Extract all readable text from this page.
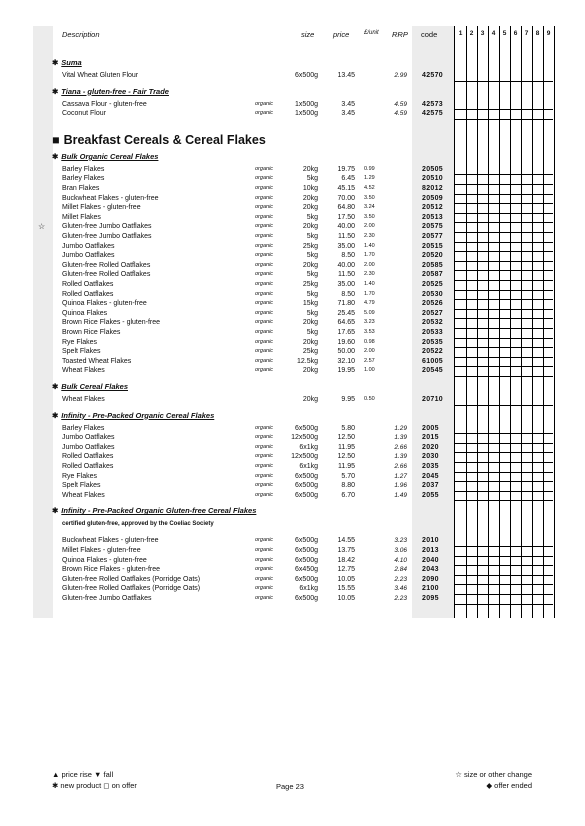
1	2	3	4	5	6	7	8	9
Description	size price £/unit RRP code
✱ Suma
Vital Wheat Gluten Flour	6x500g	13.45	2.99 42570
✱ Tiana - gluten-free - Fair Trade
Cassava Flour - gluten-free	organic	1x500g	3.45	4.59 42573
Coconut Flour	organic	1x500g	3.45	4.59 42575
■ Breakfast Cereals & Cereal Flakes
✱ Bulk Organic Cereal Flakes
Barley Flakes	organic	20kg	19.75 0.99	20505
Barley Flakes	organic	5kg	6.45 1.29	20510
Bran Flakes	organic	10kg	45.15 4.52	82012
Buckwheat Flakes - gluten-free	organic	20kg	70.00 3.50	20509
Millet Flakes - gluten-free	organic	20kg	64.80 3.24	20512
Millet Flakes	organic	5kg	17.50 3.50	20513
☆ Gluten-free Jumbo Oatflakes	organic	20kg	40.00 2.00	20575
Gluten-free Jumbo Oatflakes	organic	5kg	11.50 2.30	20577
Jumbo Oatflakes	organic	25kg	35.00 1.40	20515
Jumbo Oatflakes	organic	5kg	8.50 1.70	20520
Gluten-free Rolled Oatflakes	organic	20kg	40.00 2.00	20585
Gluten-free Rolled Oatflakes	organic	5kg	11.50 2.30	20587
Rolled Oatflakes	organic	25kg	35.00 1.40	20525
Rolled Oatflakes	organic	5kg	8.50 1.70	20530
Quinoa Flakes - gluten-free	organic	15kg	71.80 4.79	20526
Quinoa Flakes	organic	5kg	25.45 5.09	20527
Brown Rice Flakes - gluten-free	organic	20kg	64.65 3.23	20532
Brown Rice Flakes	organic	5kg	17.65 3.53	20533
Rye Flakes	organic	20kg	19.60 0.98	20535
Spelt Flakes	organic	25kg	50.00 2.00	20522
Toasted Wheat Flakes	organic	12.5kg	32.10 2.57	61005
Wheat Flakes	organic	20kg	19.95 1.00	20545
✱ Bulk Cereal Flakes
Wheat Flakes	20kg	9.95 0.50	20710
✱ Infinity - Pre-Packed Organic Cereal Flakes
Barley Flakes	organic	6x500g	5.80	1.29 2005
Jumbo Oatflakes	organic	12x500g	12.50	1.39 2015
Jumbo Oatflakes	organic	6x1kg	11.95	2.66 2020
Rolled Oatflakes	organic	12x500g	12.50	1.39 2030
Rolled Oatflakes	organic	6x1kg	11.95	2.66 2035
Rye Flakes	organic	6x500g	5.70	1.27 2045
Spelt Flakes	organic	6x500g	8.80	1.96 2037
Wheat Flakes	organic	6x500g	6.70	1.49 2055
✱ Infinity - Pre-Packed Organic Gluten-free Cereal Flakes
certified gluten-free, approved by the Coeliac Society
Buckwheat Flakes - gluten-free	organic	6x500g	14.55	3.23 2010
Millet Flakes - gluten-free	organic	6x500g	13.75	3.06 2013
Quinoa Flakes - gluten-free	organic	6x500g	18.42	4.10 2040
Brown Rice Flakes - gluten-free	organic	6x450g	12.75	2.84 2043
Gluten-free Rolled Oatflakes (Porridge Oats)	organic	6x500g	10.05	2.23 2090
Gluten-free Rolled Oatflakes (Porridge Oats)	organic	6x1kg	15.55	3.46 2100
Gluten-free Jumbo Oatflakes	organic	6x500g	10.05	2.23 2095
▲ price rise ▼ fall
✱ new product ◻ on offer	Page 23
☆ size or other change
◆ offer ended
